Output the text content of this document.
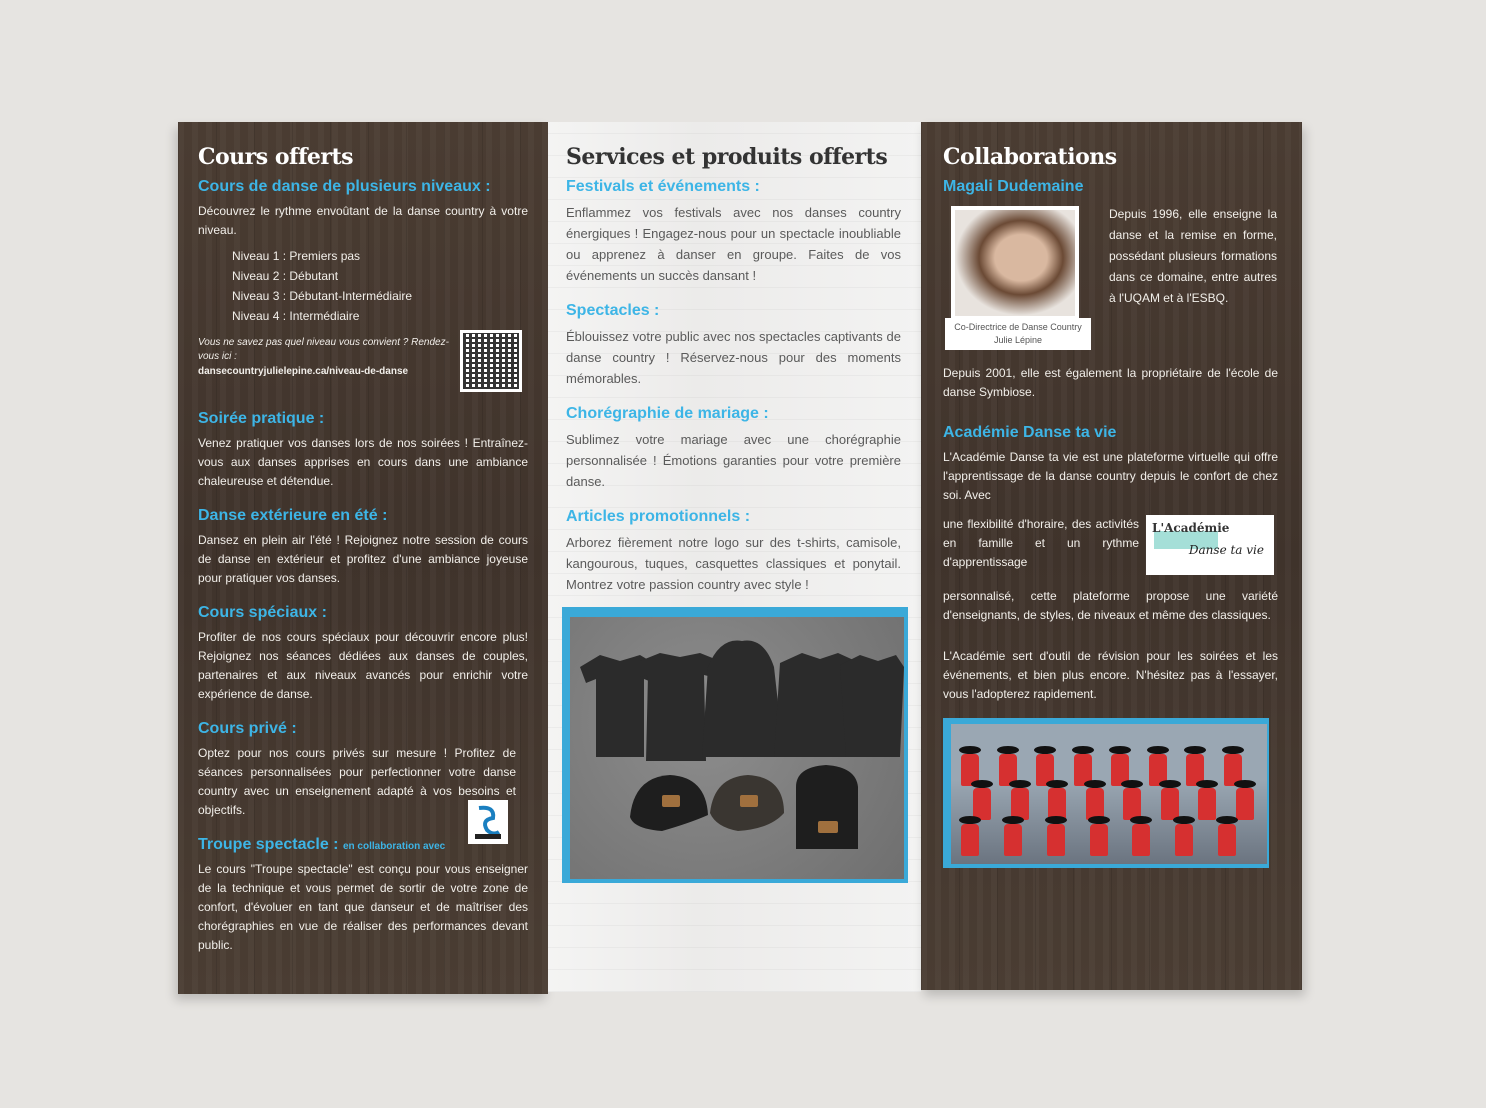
Cours offerts
Cours de danse de plusieurs niveaux :

Découvrez le rythme envoûtant de la danse country à votre niveau.

Niveau 1 : Premiers pas
Niveau 2 : Débutant
Niveau 3 : Débutant-Intermédiaire
Niveau 4 : Intermédiaire
Vous ne savez pas quel niveau vous convient ? Rendez-vous ici :
dansecountryjulielepine.ca/niveau-de-danse
Soirée pratique :

Venez pratiquer vos danses lors de nos soirées ! Entraînez-vous aux danses apprises en cours dans une ambiance chaleureuse et détendue.

Danse extérieure en été :

Dansez en plein air l'été ! Rejoignez notre session de cours de danse en extérieur et profitez d'une ambiance joyeuse pour pratiquer vos danses.

Cours spéciaux :

Profiter de nos cours spéciaux pour découvrir encore plus! Rejoignez nos séances dédiées aux danses de couples, partenaires et aux niveaux avancés pour enrichir votre expérience de danse.

Cours privé :

Optez pour nos cours privés sur mesure ! Profitez de séances personnalisées pour perfectionner votre danse country avec un enseignement adapté à vos besoins et objectifs.

Troupe spectacle : en collaboration avec

Le cours "Troupe spectacle" est conçu pour vous enseigner de la technique et vous permet de sortir de votre zone de confort, d'évoluer en tant que danseur et de maîtriser des chorégraphies en vue de réaliser des performances devant public.

Services et produits offerts
Festivals et événements :

Enflammez vos festivals avec nos danses country énergiques ! Engagez-nous pour un spectacle inoubliable ou apprenez à danser en groupe. Faites de vos événements un succès dansant !

Spectacles :

Éblouissez votre public avec nos spectacles captivants de danse country ! Réservez-nous pour des moments mémorables.

Chorégraphie de mariage :

Sublimez votre mariage avec une chorégraphie personnalisée ! Émotions garanties pour votre première danse.

Articles promotionnels :

Arborez fièrement notre logo sur des t-shirts, camisole, kangourous, tuques, casquettes classiques et ponytail. Montrez votre passion country avec style !

Collaborations
Magali Dudemaine
Co-Directrice de Danse Country Julie Lépine
Depuis 1996, elle enseigne la danse et la remise en forme, possédant plusieurs formations dans ce domaine, entre autres à l'UQAM et à l'ESBQ.

Depuis 2001, elle est également la propriétaire de l'école de danse Symbiose.

Académie Danse ta vie

L'Académie Danse ta vie est une plateforme virtuelle qui offre l'apprentissage de la danse country depuis le confort de chez soi. Avec

une flexibilité d'horaire, des activités en famille et un rythme d'apprentissage
L'Académie
Danse ta vie

personnalisé, cette plateforme propose une variété d'enseignants, de styles, de niveaux et même des classiques.

L'Académie sert d'outil de révision pour les soirées et les événements, et bien plus encore. N'hésitez pas à l'essayer, vous l'adopterez rapidement.
